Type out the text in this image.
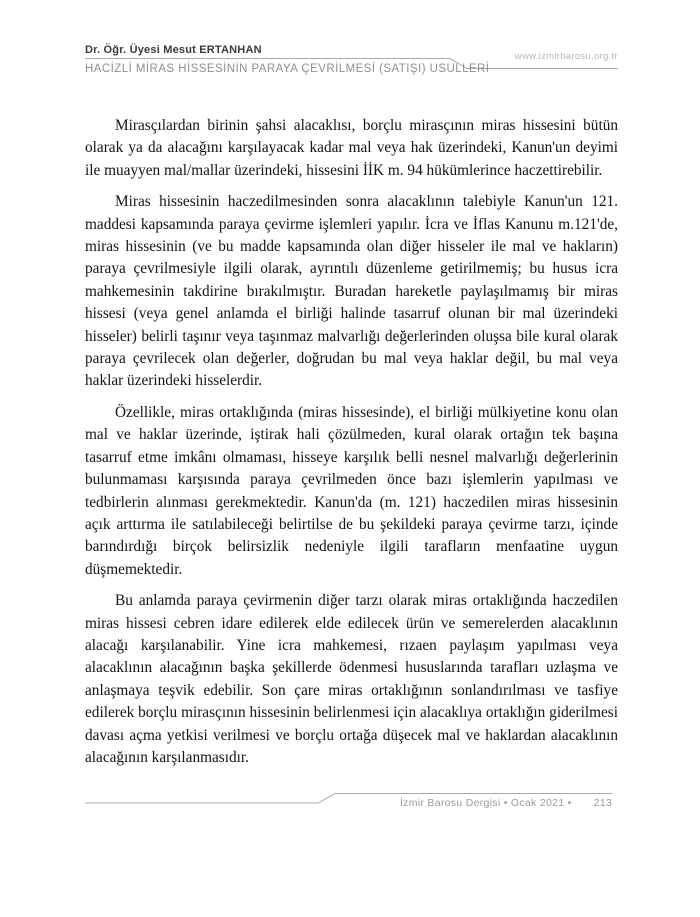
Dr. Öğr. Üyesi Mesut ERTANHAN
www.izmirbarosu.org.tr
HACİZLİ MİRAS HİSSESİNİN PARAYA ÇEVRİLMESİ (SATIŞI) USULLERİ

Mirasçılardan birinin şahsi alacaklısı, borçlu mirasçının miras hissesini bütün olarak ya da alacağını karşılayacak kadar mal veya hak üzerindeki, Kanun'un deyimi ile muayyen mal/mallar üzerindeki, hissesini İİK m. 94 hükümlerince haczettirebilir.

Miras hissesinin haczedilmesinden sonra alacaklının talebiyle Kanun'un 121. maddesi kapsamında paraya çevirme işlemleri yapılır. İcra ve İflas Kanunu m.121'de, miras hissesinin (ve bu madde kapsamında olan diğer hisseler ile mal ve hakların) paraya çevrilmesiyle ilgili olarak, ayrıntılı düzenleme getirilmemiş; bu husus icra mahkemesinin takdirine bırakılmıştır. Buradan hareketle paylaşılmamış bir miras hissesi (veya genel anlamda el birliği halinde tasarruf olunan bir mal üzerindeki hisseler) belirli taşınır veya taşınmaz malvarlığı değerlerinden oluşsa bile kural olarak paraya çevrilecek olan değerler, doğrudan bu mal veya haklar değil, bu mal veya haklar üzerindeki hisselerdir.

Özellikle, miras ortaklığında (miras hissesinde), el birliği mülkiyetine konu olan mal ve haklar üzerinde, iştirak hali çözülmeden, kural olarak ortağın tek başına tasarruf etme imkânı olmaması, hisseye karşılık belli nesnel malvarlığı değerlerinin bulunmaması karşısında paraya çevrilmeden önce bazı işlemlerin yapılması ve tedbirlerin alınması gerekmektedir. Kanun'da (m. 121) haczedilen miras hissesinin açık arttırma ile satılabileceği belirtilse de bu şekildeki paraya çevirme tarzı, içinde barındırdığı birçok belirsizlik nedeniyle ilgili tarafların menfaatine uygun düşmemektedir.

Bu anlamda paraya çevirmenin diğer tarzı olarak miras ortaklığında haczedilen miras hissesi cebren idare edilerek elde edilecek ürün ve semerelerden alacaklının alacağı karşılanabilir. Yine icra mahkemesi, rızaen paylaşım yapılması veya alacaklının alacağının başka şekillerde ödenmesi hususlarında tarafları uzlaşma ve anlaşmaya teşvik edebilir. Son çare miras ortaklığının sonlandırılması ve tasfiye edilerek borçlu mirasçının hissesinin belirlenmesi için alacaklıya ortaklığın giderilmesi davası açma yetkisi verilmesi ve borçlu ortağa düşecek mal ve haklardan alacaklının alacağının karşılanmasıdır.

İzmir Barosu Dergisi • Ocak 2021 • 213
